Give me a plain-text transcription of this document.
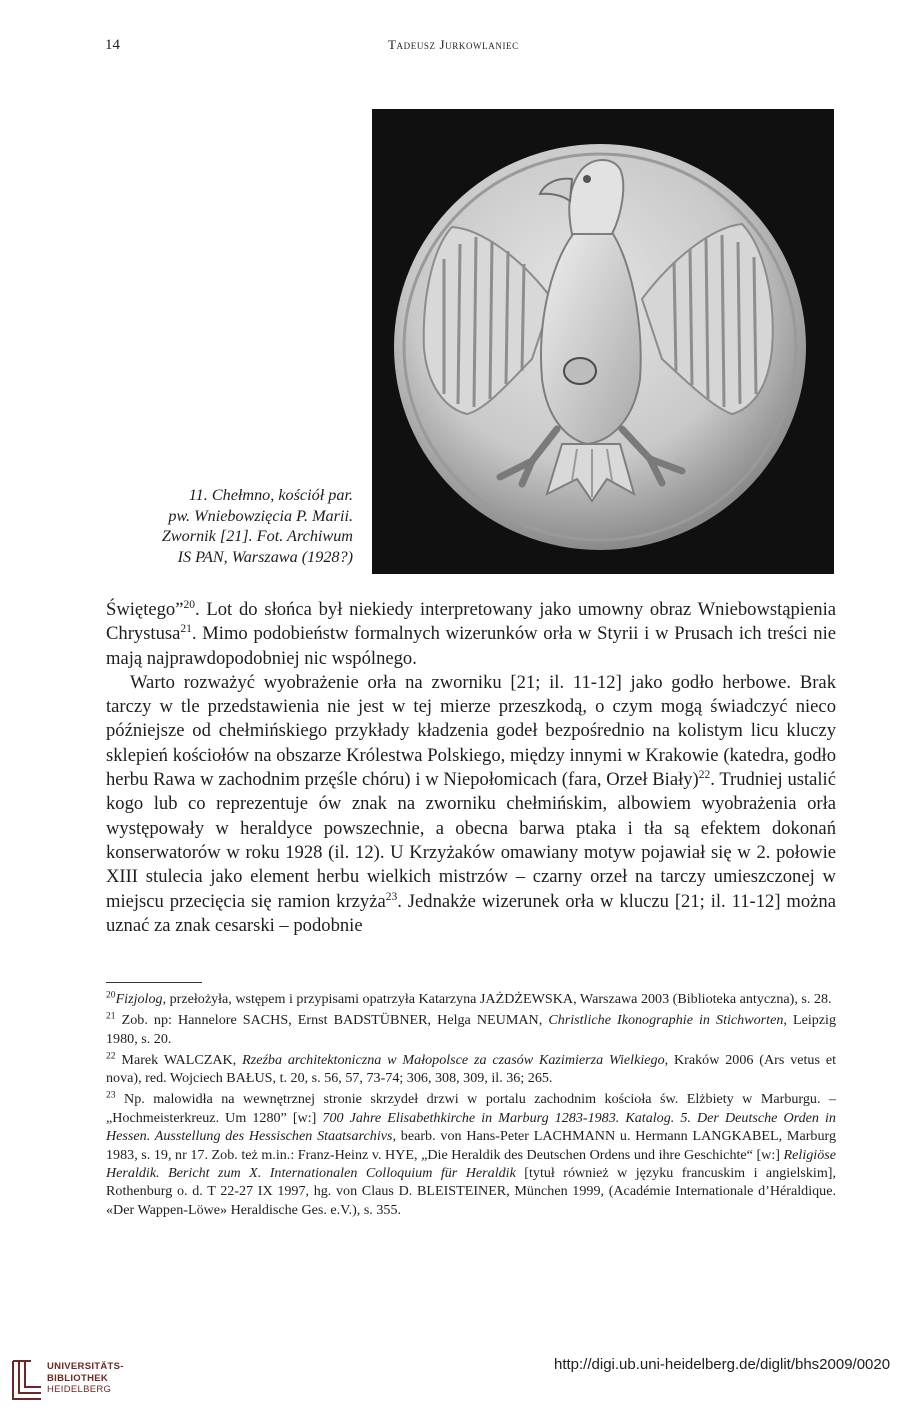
14	Tadeusz Jurkowlaniec
11. Chełmno, kościół par.
pw. Wniebowzięcia P. Marii.
Zwornik [21]. Fot. Archiwum
IS PAN, Warszawa (1928?)

Świętego”$^{20}$. Lot do słońca był niekiedy interpretowany jako umowny obraz Wniebowstąpienia Chrystusa$^{21}$. Mimo podobieństw formalnych wizerunków orła w Styrii i w Prusach ich treści nie mają najprawdopodobniej nic wspólnego.

Warto rozważyć wyobrażenie orła na zworniku [21; il. 11-12] jako godło herbowe. Brak tarczy w tle przedstawienia nie jest w tej mierze przeszkodą, o czym mogą świadczyć nieco późniejsze od chełmińskiego przykłady kładzenia godeł bezpośrednio na kolistym licu kluczy sklepień kościołów na obszarze Królestwa Polskiego, między innymi w Krakowie (katedra, godło herbu Rawa w zachodnim przęśle chóru) i w Niepołomicach (fara, Orzeł Biały)$^{22}$. Trudniej ustalić kogo lub co reprezentuje ów znak na zworniku chełmińskim, albowiem wyobrażenia orła występowały w heraldyce powszechnie, a obecna barwa ptaka i tła są efektem dokonań konserwatorów w roku 1928 (il. 12). U Krzyżaków omawiany motyw pojawiał się w 2. połowie XIII stulecia jako element herbu wielkich mistrzów – czarny orzeł na tarczy umieszczonej w miejscu przecięcia się ramion krzyża$^{23}$. Jednakże wizerunek orła w kluczu [21; il. 11-12] można uznać za znak cesarski – podobnie

$^{20}$Fizjolog, przełożyła, wstępem i przypisami opatrzyła Katarzyna JAŻDŻEWSKA, Warszawa 2003 (Biblioteka antyczna), s. 28.

$^{21}$ Zob. np: Hannelore SACHS, Ernst BADSTÜBNER, Helga NEUMAN, Christliche Ikonographie in Stichworten, Leipzig 1980, s. 20.

$^{22}$ Marek WALCZAK, Rzeźba architektoniczna w Małopolsce za czasów Kazimierza Wielkiego, Kraków 2006 (Ars vetus et nova), red. Wojciech BAŁUS, t. 20, s. 56, 57, 73-74; 306, 308, 309, il. 36; 265.

$^{23}$ Np. malowidła na wewnętrznej stronie skrzydeł drzwi w portalu zachodnim kościoła św. Elżbiety w Marburgu. – „Hochmeisterkreuz. Um 1280” [w:] 700 Jahre Elisabethkirche in Marburg 1283-1983. Katalog. 5. Der Deutsche Orden in Hessen. Ausstellung des Hessischen Staatsarchivs, bearb. von Hans-Peter LACHMANN u. Hermann LANGKABEL, Marburg 1983, s. 19, nr 17. Zob. też m.in.: Franz-Heinz v. HYE, „Die Heraldik des Deutschen Ordens und ihre Geschichte“ [w:] Religiöse Heraldik. Bericht zum X. Internationalen Colloquium für Heraldik [tytuł również w języku francuskim i angielskim], Rothenburg o. d. T 22-27 IX 1997, hg. von Claus D. BLEISTEINER, München 1999, (Académie Internationale d’Héraldique. «Der Wappen-Löwe» Heraldische Ges. e.V.), s. 355.

UNIVERSITÄTS-
BIBLIOTHEK
HEIDELBERG
http://digi.ub.uni-heidelberg.de/diglit/bhs2009/0020
